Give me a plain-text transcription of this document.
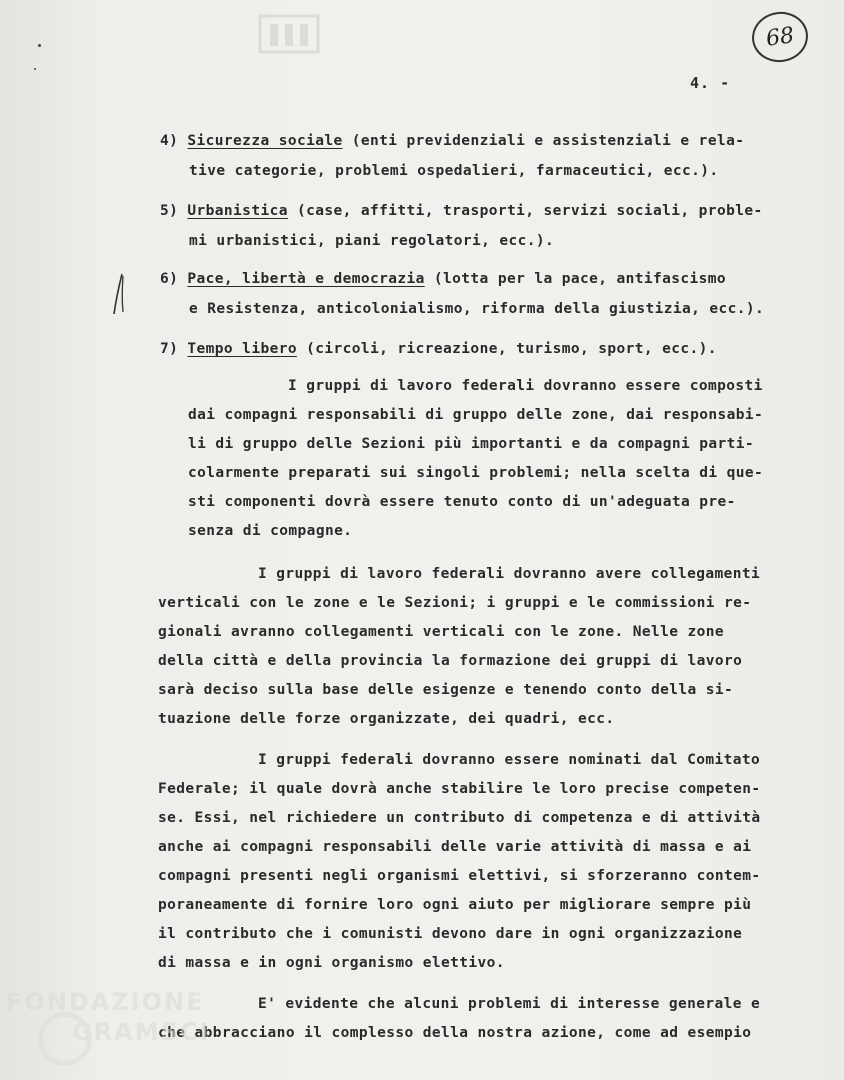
68
4. -
4) Sicurezza sociale (enti previdenziali e assistenziali e rela-
tive categorie, problemi ospedalieri, farmaceutici, ecc.).
5) Urbanistica (case, affitti, trasporti, servizi sociali, proble-
mi urbanistici, piani regolatori, ecc.).
6) Pace, libertà e democrazia (lotta per la pace, antifascismo
e Resistenza, anticolonialismo, riforma della giustizia, ecc.).
7) Tempo libero (circoli, ricreazione, turismo, sport, ecc.).
I gruppi di lavoro federali dovranno essere composti
dai compagni responsabili di gruppo delle zone, dai responsabi-
li di gruppo delle Sezioni più importanti e da compagni parti-
colarmente preparati sui singoli problemi; nella scelta di que-
sti componenti dovrà essere tenuto conto di un'adeguata pre-
senza di compagne.
I gruppi di lavoro federali dovranno avere collegamenti
verticali con le zone e le Sezioni; i gruppi e le commissioni re-
gionali avranno collegamenti verticali con le zone. Nelle zone
della città e della provincia la formazione dei gruppi di lavoro
sarà deciso sulla base delle esigenze e tenendo conto della si-
tuazione delle forze organizzate, dei quadri, ecc.
I gruppi federali dovranno essere nominati dal Comitato
Federale; il quale dovrà anche stabilire le loro precise competen-
se. Essi, nel richiedere un contributo di competenza e di attività
anche ai compagni responsabili delle varie attività di massa e ai
compagni presenti negli organismi elettivi, si sforzeranno contem-
poraneamente di fornire loro ogni aiuto per migliorare sempre più
il contributo che i comunisti devono dare in ogni organizzazione
di massa e in ogni organismo elettivo.
E' evidente che alcuni problemi di interesse generale e
che abbracciano il complesso della nostra azione, come ad esempio
FONDAZIONE
GRAMSCI
